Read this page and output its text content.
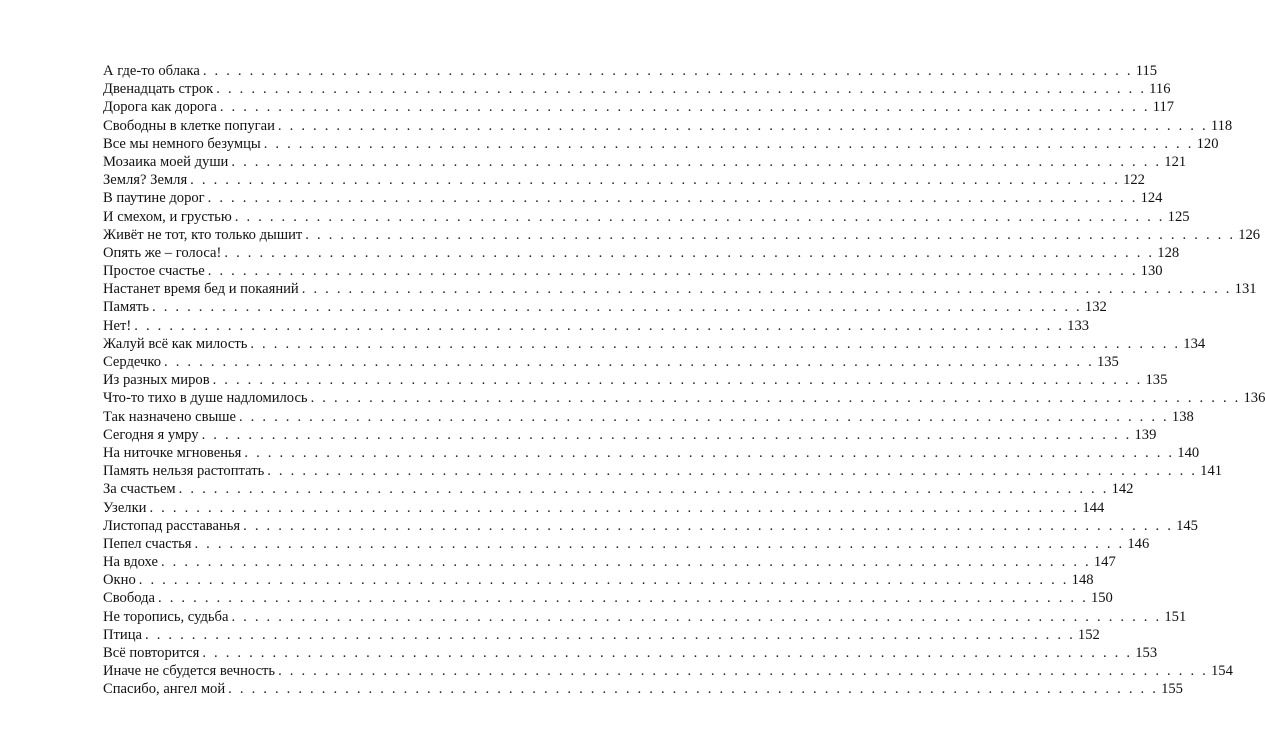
А где-то облака . . . . . . . . . . . . . . . . . . . . . . . . . . . . . . . . . . . . . . . . . . . . . . . . . . . . . . . . . . . . . . . . . . . . . . . . . . . . . . . . 115
Двенадцать строк . . . . . . . . . . . . . . . . . . . . . . . . . . . . . . . . . . . . . . . . . . . . . . . . . . . . . . . . . . . . . . . . . . . . . . . . . . . . . . . . 116
Дорога как дорога . . . . . . . . . . . . . . . . . . . . . . . . . . . . . . . . . . . . . . . . . . . . . . . . . . . . . . . . . . . . . . . . . . . . . . . . . . . . . . . . 117
Свободны в клетке попугаи . . . . . . . . . . . . . . . . . . . . . . . . . . . . . . . . . . . . . . . . . . . . . . . . . . . . . . . . . . . . . . . . . . . . . . . . . . . . . . . . 118
Все мы немного безумцы . . . . . . . . . . . . . . . . . . . . . . . . . . . . . . . . . . . . . . . . . . . . . . . . . . . . . . . . . . . . . . . . . . . . . . . . . . . . . . . . 120
Мозаика моей души . . . . . . . . . . . . . . . . . . . . . . . . . . . . . . . . . . . . . . . . . . . . . . . . . . . . . . . . . . . . . . . . . . . . . . . . . . . . . . . . 121
Земля? Земля . . . . . . . . . . . . . . . . . . . . . . . . . . . . . . . . . . . . . . . . . . . . . . . . . . . . . . . . . . . . . . . . . . . . . . . . . . . . . . . . 122
В паутине дорог . . . . . . . . . . . . . . . . . . . . . . . . . . . . . . . . . . . . . . . . . . . . . . . . . . . . . . . . . . . . . . . . . . . . . . . . . . . . . . . . 124
И смехом, и грустью . . . . . . . . . . . . . . . . . . . . . . . . . . . . . . . . . . . . . . . . . . . . . . . . . . . . . . . . . . . . . . . . . . . . . . . . . . . . . . . . 125
Живёт не тот, кто только дышит . . . . . . . . . . . . . . . . . . . . . . . . . . . . . . . . . . . . . . . . . . . . . . . . . . . . . . . . . . . . . . . . . . . . . . . . . . . . . . . . 126
Опять же – голоса! . . . . . . . . . . . . . . . . . . . . . . . . . . . . . . . . . . . . . . . . . . . . . . . . . . . . . . . . . . . . . . . . . . . . . . . . . . . . . . . . 128
Простое счастье . . . . . . . . . . . . . . . . . . . . . . . . . . . . . . . . . . . . . . . . . . . . . . . . . . . . . . . . . . . . . . . . . . . . . . . . . . . . . . . . 130
Настанет время бед и покаяний . . . . . . . . . . . . . . . . . . . . . . . . . . . . . . . . . . . . . . . . . . . . . . . . . . . . . . . . . . . . . . . . . . . . . . . . . . . . . . . . 131
Память . . . . . . . . . . . . . . . . . . . . . . . . . . . . . . . . . . . . . . . . . . . . . . . . . . . . . . . . . . . . . . . . . . . . . . . . . . . . . . . . 132
Нет! . . . . . . . . . . . . . . . . . . . . . . . . . . . . . . . . . . . . . . . . . . . . . . . . . . . . . . . . . . . . . . . . . . . . . . . . . . . . . . . . 133
Жалуй всё как милость . . . . . . . . . . . . . . . . . . . . . . . . . . . . . . . . . . . . . . . . . . . . . . . . . . . . . . . . . . . . . . . . . . . . . . . . . . . . . . . . 134
Сердечко . . . . . . . . . . . . . . . . . . . . . . . . . . . . . . . . . . . . . . . . . . . . . . . . . . . . . . . . . . . . . . . . . . . . . . . . . . . . . . . . 135
Из разных миров . . . . . . . . . . . . . . . . . . . . . . . . . . . . . . . . . . . . . . . . . . . . . . . . . . . . . . . . . . . . . . . . . . . . . . . . . . . . . . . . 135
Что-то тихо в душе надломилось . . . . . . . . . . . . . . . . . . . . . . . . . . . . . . . . . . . . . . . . . . . . . . . . . . . . . . . . . . . . . . . . . . . . . . . . . . . . . . . . 136
Так назначено свыше . . . . . . . . . . . . . . . . . . . . . . . . . . . . . . . . . . . . . . . . . . . . . . . . . . . . . . . . . . . . . . . . . . . . . . . . . . . . . . . . 138
Сегодня я умру . . . . . . . . . . . . . . . . . . . . . . . . . . . . . . . . . . . . . . . . . . . . . . . . . . . . . . . . . . . . . . . . . . . . . . . . . . . . . . . . 139
На ниточке мгновенья . . . . . . . . . . . . . . . . . . . . . . . . . . . . . . . . . . . . . . . . . . . . . . . . . . . . . . . . . . . . . . . . . . . . . . . . . . . . . . . . 140
Память нельзя растоптать . . . . . . . . . . . . . . . . . . . . . . . . . . . . . . . . . . . . . . . . . . . . . . . . . . . . . . . . . . . . . . . . . . . . . . . . . . . . . . . . 141
За счастьем . . . . . . . . . . . . . . . . . . . . . . . . . . . . . . . . . . . . . . . . . . . . . . . . . . . . . . . . . . . . . . . . . . . . . . . . . . . . . . . . 142
Узелки . . . . . . . . . . . . . . . . . . . . . . . . . . . . . . . . . . . . . . . . . . . . . . . . . . . . . . . . . . . . . . . . . . . . . . . . . . . . . . . . 144
Листопад расставанья . . . . . . . . . . . . . . . . . . . . . . . . . . . . . . . . . . . . . . . . . . . . . . . . . . . . . . . . . . . . . . . . . . . . . . . . . . . . . . . . 145
Пепел счастья . . . . . . . . . . . . . . . . . . . . . . . . . . . . . . . . . . . . . . . . . . . . . . . . . . . . . . . . . . . . . . . . . . . . . . . . . . . . . . . . 146
На вдохе . . . . . . . . . . . . . . . . . . . . . . . . . . . . . . . . . . . . . . . . . . . . . . . . . . . . . . . . . . . . . . . . . . . . . . . . . . . . . . . . 147
Окно . . . . . . . . . . . . . . . . . . . . . . . . . . . . . . . . . . . . . . . . . . . . . . . . . . . . . . . . . . . . . . . . . . . . . . . . . . . . . . . . 148
Свобода . . . . . . . . . . . . . . . . . . . . . . . . . . . . . . . . . . . . . . . . . . . . . . . . . . . . . . . . . . . . . . . . . . . . . . . . . . . . . . . . 150
Не торопись, судьба . . . . . . . . . . . . . . . . . . . . . . . . . . . . . . . . . . . . . . . . . . . . . . . . . . . . . . . . . . . . . . . . . . . . . . . . . . . . . . . . 151
Птица . . . . . . . . . . . . . . . . . . . . . . . . . . . . . . . . . . . . . . . . . . . . . . . . . . . . . . . . . . . . . . . . . . . . . . . . . . . . . . . . 152
Всё повторится . . . . . . . . . . . . . . . . . . . . . . . . . . . . . . . . . . . . . . . . . . . . . . . . . . . . . . . . . . . . . . . . . . . . . . . . . . . . . . . . 153
Иначе не сбудется вечность . . . . . . . . . . . . . . . . . . . . . . . . . . . . . . . . . . . . . . . . . . . . . . . . . . . . . . . . . . . . . . . . . . . . . . . . . . . . . . . . 154
Спасибо, ангел мой . . . . . . . . . . . . . . . . . . . . . . . . . . . . . . . . . . . . . . . . . . . . . . . . . . . . . . . . . . . . . . . . . . . . . . . . . . . . . . . . 155
